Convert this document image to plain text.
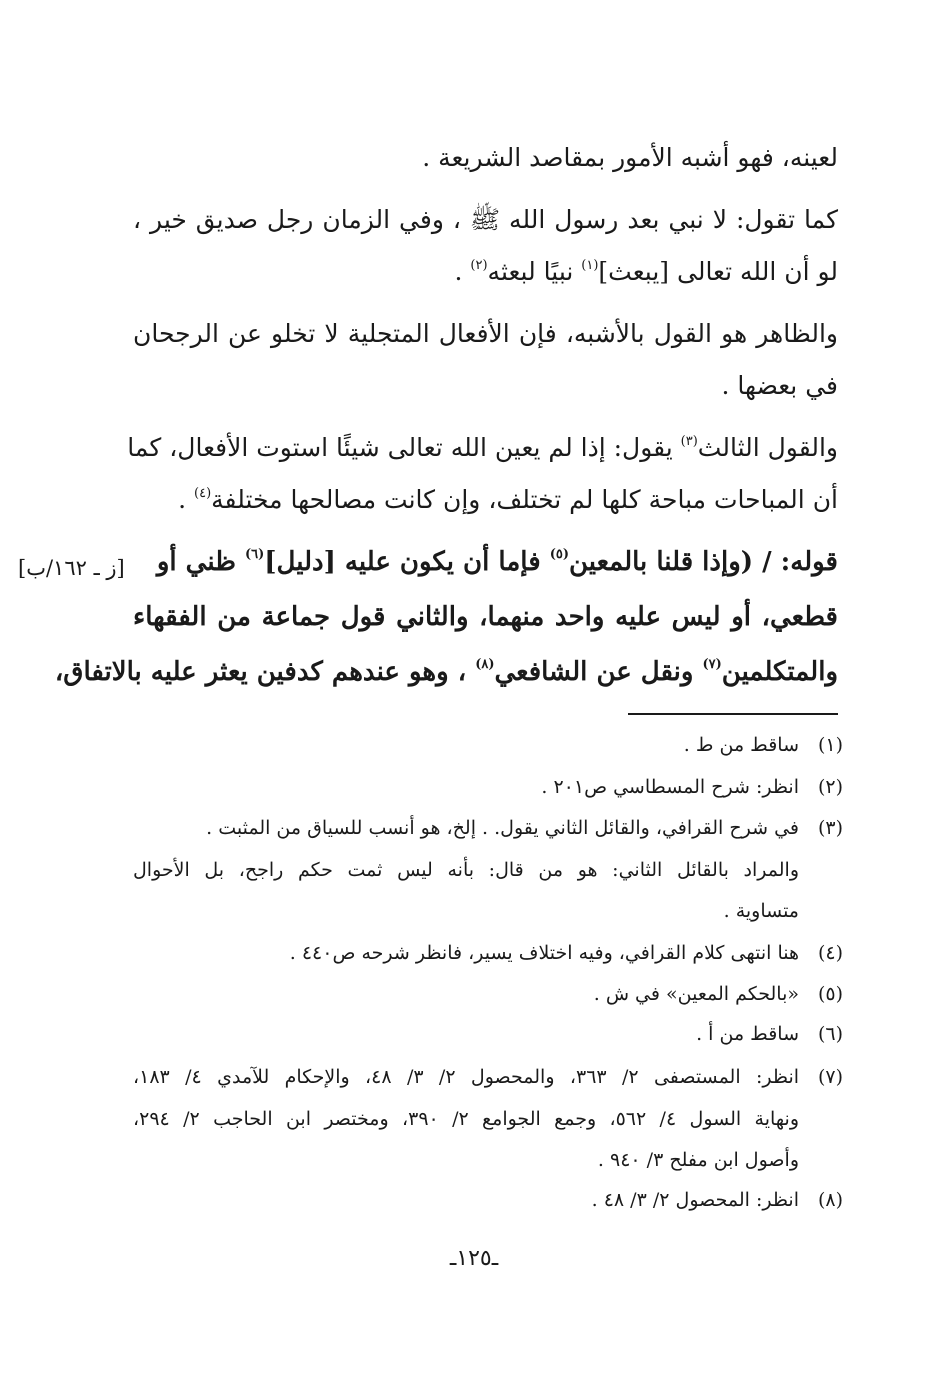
لعينه، فهو أشبه الأمور بمقاصد الشريعة .
كما تقول: لا نبي بعد رسول الله ﷺ ، وفي الزمان رجل صديق خير ،
لو أن الله تعالى [يبعث]$^{(١)}$ نبيًا لبعثه$^{(٢)}$ .
والظاهر هو القول بالأشبه، فإن الأفعال المتجلية لا تخلو عن الرجحان
في بعضها .
والقول الثالث$^{(٣)}$ يقول: إذا لم يعين الله تعالى شيئًا استوت الأفعال، كما
أن المباحات مباحة كلها لم تختلف، وإن كانت مصالحها مختلفة$^{(٤)}$ .
قوله: / (وإذا قلنا بالمعين$^{(٥)}$ فإما أن يكون عليه [دليل]$^{(٦)}$ ظني أو
[ز ـ ١٦٢/ب]
قطعي، أو ليس عليه واحد منهما، والثاني قول جماعة من الفقهاء
والمتكلمين$^{(٧)}$ ونقل عن الشافعي$^{(٨)}$ ، وهو عندهم كدفين يعثر عليه بالاتفاق،
(١)ساقط من ط .
(٢)انظر: شرح المسطاسي ص٢٠١ .
(٣)في شرح القرافي، والقائل الثاني يقول. . إلخ، هو أنسب للسياق من المثبت .
والمراد بالقائل الثاني: هو من قال: بأنه ليس ثمت حكم راجح، بل الأحوال
متساوية .
(٤)هنا انتهى كلام القرافي، وفيه اختلاف يسير، فانظر شرحه ص٤٤٠ .
(٥)«بالحكم المعين» في ش .
(٦)ساقط من أ .
(٧)انظر: المستصفى ٢/ ٣٦٣، والمحصول ٢/ ٣/ ٤٨، والإحكام للآمدي ٤/ ١٨٣،
ونهاية السول ٤/ ٥٦٢، وجمع الجوامع ٢/ ٣٩٠، ومختصر ابن الحاجب ٢/ ٢٩٤،
وأصول ابن مفلح ٣/ ٩٤٠ .
(٨)انظر: المحصول ٢/ ٣/ ٤٨ .
ـ١٢٥ـ
